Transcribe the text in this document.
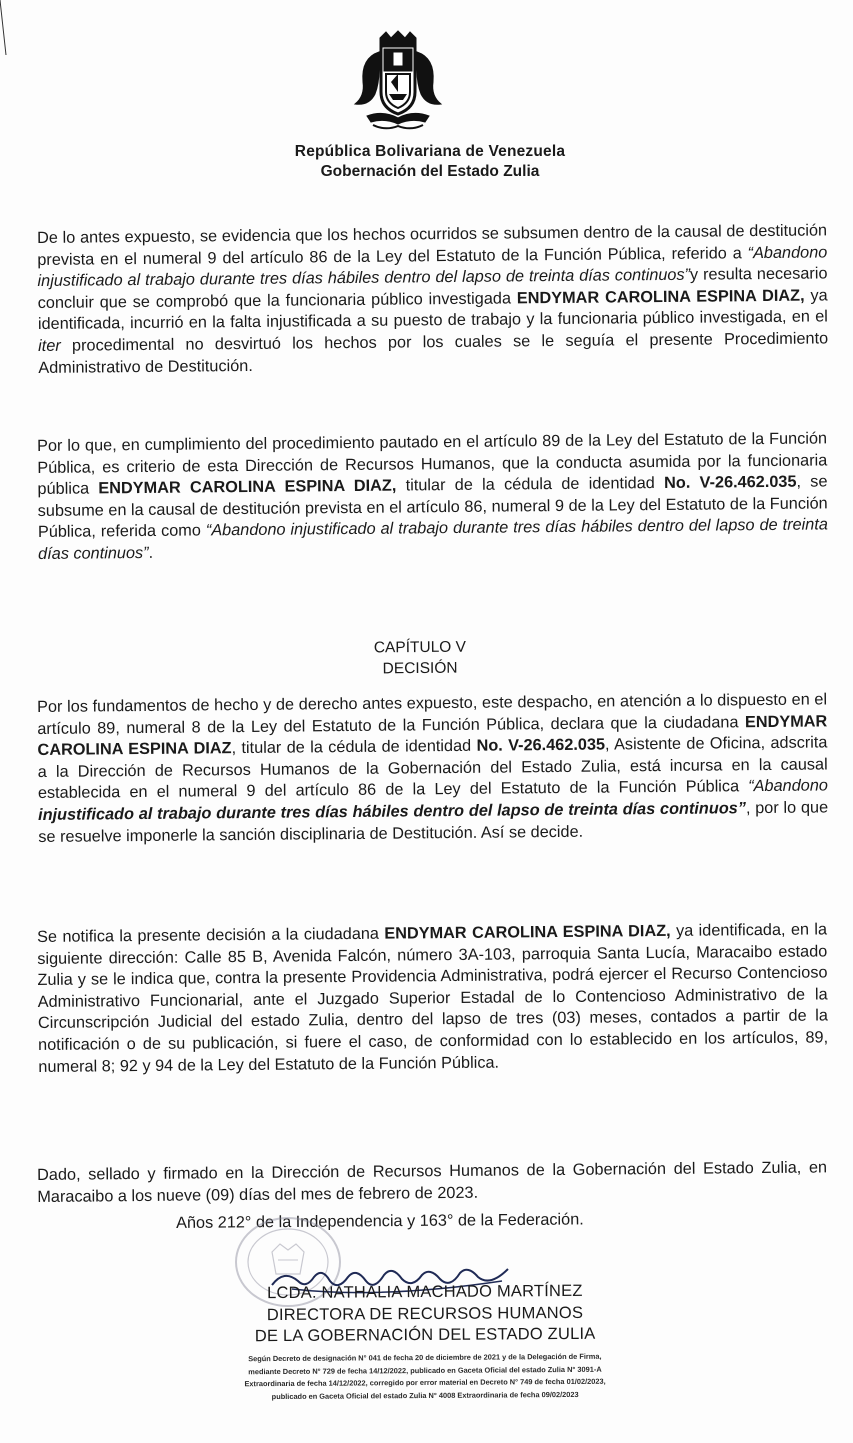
República Bolivariana de Venezuela
Gobernación del Estado Zulia
De lo antes expuesto, se evidencia que los hechos ocurridos se subsumen dentro de la causal de destitución prevista en el numeral 9 del artículo 86 de la Ley del Estatuto de la Función Pública, referido a “Abandono injustificado al trabajo durante tres días hábiles dentro del lapso de treinta días continuos”y resulta necesario concluir que se comprobó que la funcionaria público investigada ENDYMAR CAROLINA ESPINA DIAZ, ya identificada, incurrió en la falta injustificada a su puesto de trabajo y la funcionaria público investigada, en el iter procedimental no desvirtuó los hechos por los cuales se le seguía el presente Procedimiento Administrativo de Destitución.
Por lo que, en cumplimiento del procedimiento pautado en el artículo 89 de la Ley del Estatuto de la Función Pública, es criterio de esta Dirección de Recursos Humanos, que la conducta asumida por la funcionaria pública ENDYMAR CAROLINA ESPINA DIAZ, titular de la cédula de identidad No. V-26.462.035, se subsume en la causal de destitución prevista en el artículo 86, numeral 9 de la Ley del Estatuto de la Función Pública, referida como “Abandono injustificado al trabajo durante tres días hábiles dentro del lapso de treinta días continuos”.
CAPÍTULO V
DECISIÓN
Por los fundamentos de hecho y de derecho antes expuesto, este despacho, en atención a lo dispuesto en el artículo 89, numeral 8 de la Ley del Estatuto de la Función Pública, declara que la ciudadana ENDYMAR CAROLINA ESPINA DIAZ, titular de la cédula de identidad No. V-26.462.035, Asistente de Oficina, adscrita a la Dirección de Recursos Humanos de la Gobernación del Estado Zulia, está incursa en la causal establecida en el numeral 9 del artículo 86 de la Ley del Estatuto de la Función Pública “Abandono injustificado al trabajo durante tres días hábiles dentro del lapso de treinta días continuos”, por lo que se resuelve imponerle la sanción disciplinaria de Destitución. Así se decide.
Se notifica la presente decisión a la ciudadana ENDYMAR CAROLINA ESPINA DIAZ, ya identificada, en la siguiente dirección: Calle 85 B, Avenida Falcón, número 3A-103, parroquia Santa Lucía, Maracaibo estado Zulia y se le indica que, contra la presente Providencia Administrativa, podrá ejercer el Recurso Contencioso Administrativo Funcionarial, ante el Juzgado Superior Estadal de lo Contencioso Administrativo de la Circunscripción Judicial del estado Zulia, dentro del lapso de tres (03) meses, contados a partir de la notificación o de su publicación, si fuere el caso, de conformidad con lo establecido en los artículos, 89, numeral 8; 92 y 94 de la Ley del Estatuto de la Función Pública.
Dado, sellado y firmado en la Dirección de Recursos Humanos de la Gobernación del Estado Zulia, en Maracaibo a los nueve (09) días del mes de febrero de 2023.
Años 212° de la Independencia y 163° de la Federación.
LCDA. NATHALIA MACHADO MARTÍNEZ
DIRECTORA DE RECURSOS HUMANOS
DE LA GOBERNACIÓN DEL ESTADO ZULIA
Según Decreto de designación N° 041 de fecha 20 de diciembre de 2021 y de la Delegación de Firma,
mediante Decreto N° 729 de fecha 14/12/2022, publicado en Gaceta Oficial del estado Zulia N° 3091-A
Extraordinaria de fecha 14/12/2022, corregido por error material en Decreto N° 749 de fecha 01/02/2023,
publicado en Gaceta Oficial del estado Zulia N° 4008 Extraordinaria de fecha 09/02/2023
